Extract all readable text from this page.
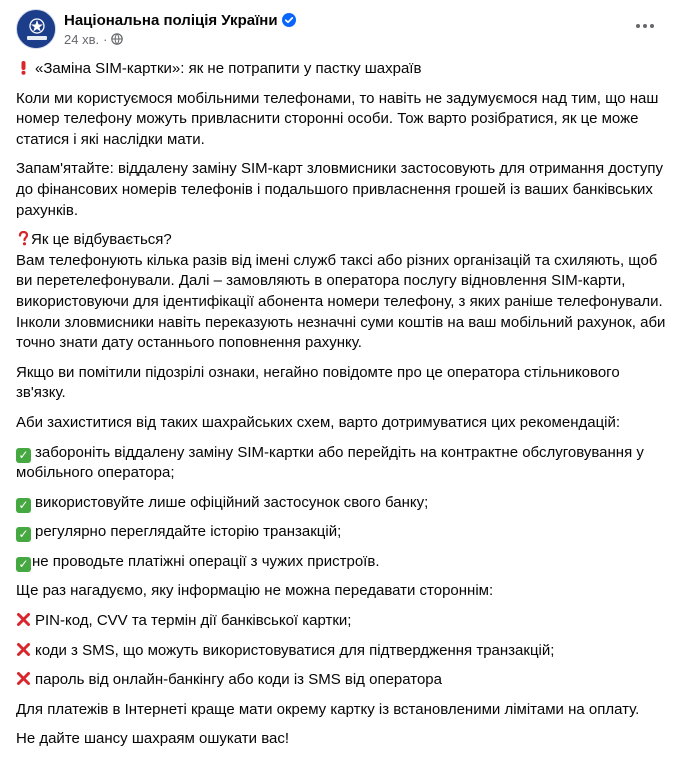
Національна поліція України
24 хв. ·

«Заміна SIM-картки»: як не потрапити у пастку шахраїв

Коли ми користуємося мобільними телефонами, то навіть не задумуємося над тим, що наш номер телефону можуть привласнити сторонні особи. Тож варто розібратися, як це може статися і які наслідки мати.

Запам'ятайте: віддалену заміну SIM-карт зловмисники застосовують для отримання доступу до фінансових номерів телефонів і подальшого привласнення грошей із ваших банківських рахунків.

Як це відбувається?
Вам телефонують кілька разів від імені служб таксі або різних організацій та схиляють, щоб ви перетелефонували. Далі – замовляють в оператора послугу відновлення SIM-карти, використовуючи для ідентифікації абонента номери телефону, з яких раніше телефонували. Інколи зловмисники навіть переказують незначні суми коштів на ваш мобільний рахунок, аби точно знати дату останнього поповнення рахунку.

Якщо ви помітили підозрілі ознаки, негайно повідомте про це оператора стільникового зв'язку.

Аби захиститися від таких шахрайських схем, варто дотримуватися цих рекомендацій:

✓ забороніть віддалену заміну SIM-картки або перейдіть на контрактне обслуговування у мобільного оператора;

✓ використовуйте лише офіційний застосунок свого банку;

✓ регулярно переглядайте історію транзакцій;

✓ не проводьте платіжні операції з чужих пристроїв.

Ще раз нагадуємо, яку інформацію не можна передавати стороннім:

PIN-код, CVV та термін дії банківської картки;

коди з SMS, що можуть використовуватися для підтвердження транзакцій;

пароль від онлайн-банкінгу або коди із SMS від оператора

Для платежів в Інтернеті краще мати окрему картку із встановленими лімітами на оплату.

Не дайте шансу шахраям ошукати вас!
